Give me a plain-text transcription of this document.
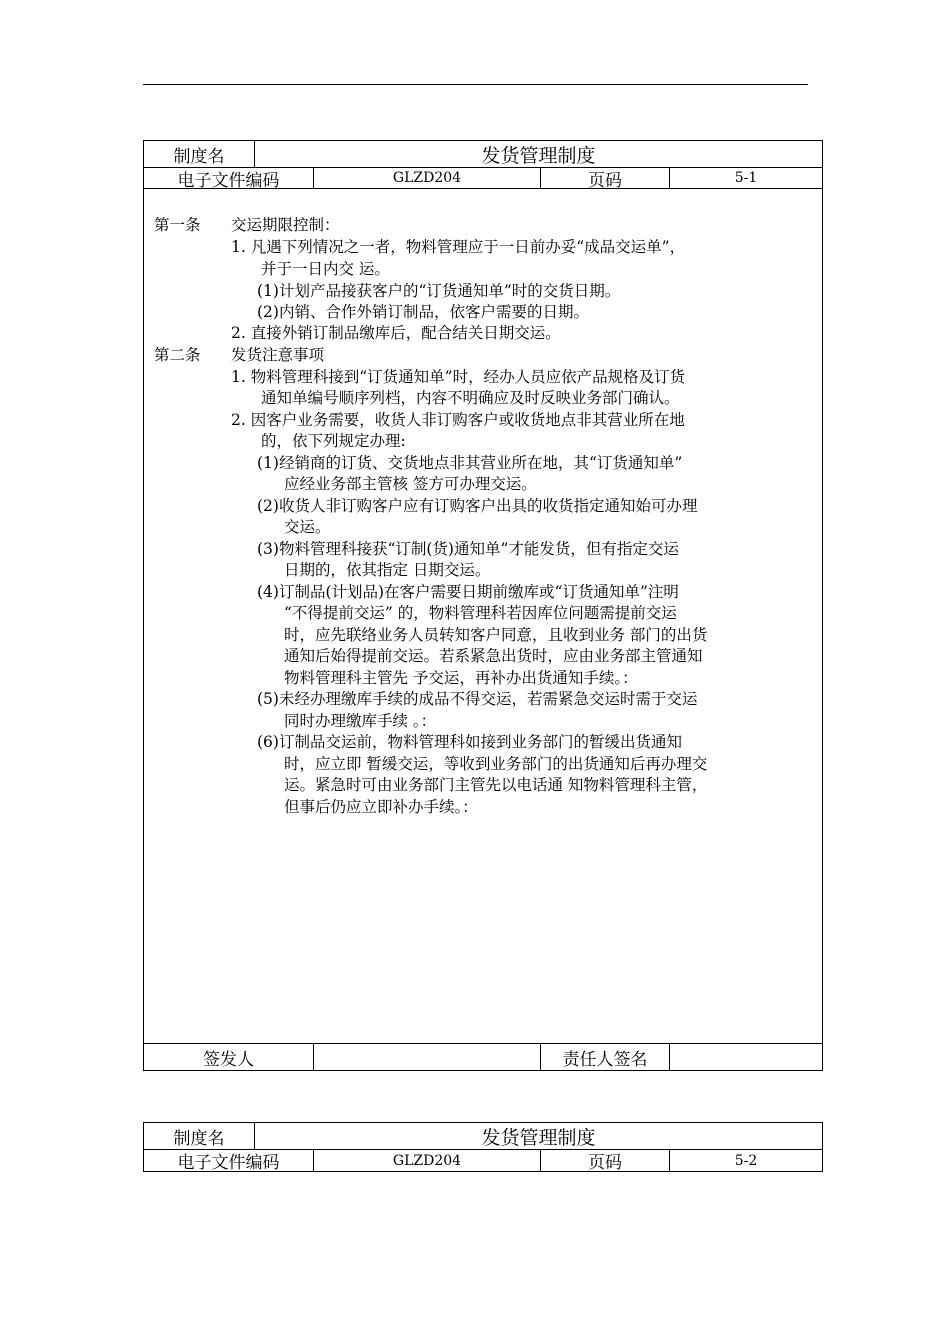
制度名	发货管理制度
电子文件编码	GLZD204	页码	5-1
第一条 交运期限控制：
1. 凡遇下列情况之一者，物料管理应于一日前办妥“成品交运单”，
并于一日内交 运。
(1)计划产品接获客户的“订货通知单”时的交货日期。
(2)内销、合作外销订制品，依客户需要的日期。
2. 直接外销订制品缴库后，配合结关日期交运。
第二条 发货注意事项
1. 物料管理科接到“订货通知单”时，经办人员应依产品规格及订货
通知单编号顺序列档，内容不明确应及时反映业务部门确认。
2. 因客户业务需要，收货人非订购客户或收货地点非其营业所在地
的，依下列规定办理:
(1)经销商的订货、交货地点非其营业所在地，其“订货通知单”
应经业务部主管核 签方可办理交运。
(2)收货人非订购客户应有订购客户出具的收货指定通知始可办理
交运。
(3)物料管理科接获“订制(货)通知单”才能发货，但有指定交运
日期的，依其指定 日期交运。
(4)订制品(计划品)在客户需要日期前缴库或“订货通知单”注明
“不得提前交运” 的，物料管理科若因库位问题需提前交运
时，应先联络业务人员转知客户同意，且收到业务 部门的出货
通知后始得提前交运。若系紧急出货时，应由业务部主管通知
物料管理科主管先 予交运，再补办出货通知手续。：
(5)未经办理缴库手续的成品不得交运，若需紧急交运时需于交运
同时办理缴库手续 。：
(6)订制品交运前，物料管理科如接到业务部门的暂缓出货通知
时，应立即 暂缓交运，等收到业务部门的出货通知后再办理交
运。紧急时可由业务部门主管先以电话通 知物料管理科主管，
但事后仍应立即补办手续。：
签发人	责任人签名
制度名	发货管理制度
电子文件编码	GLZD204	页码	5-2
